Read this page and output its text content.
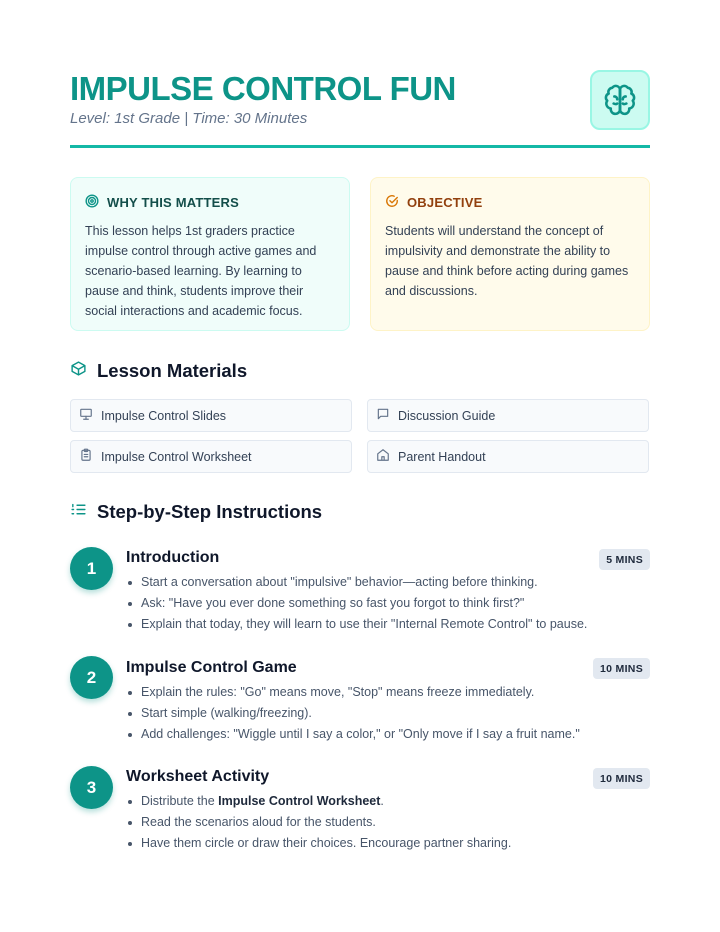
IMPULSE CONTROL FUN
Level: 1st Grade | Time: 30 Minutes
WHY THIS MATTERS
This lesson helps 1st graders practice impulse control through active games and scenario-based learning. By learning to pause and think, students improve their social interactions and academic focus.
OBJECTIVE
Students will understand the concept of impulsivity and demonstrate the ability to pause and think before acting during games and discussions.
Lesson Materials
Impulse Control Slides	Discussion Guide
Impulse Control Worksheet	Parent Handout
Step-by-Step Instructions
1
Introduction	5 MINS
Start a conversation about "impulsive" behavior—acting before thinking.
Ask: "Have you ever done something so fast you forgot to think first?"
Explain that today, they will learn to use their "Internal Remote Control" to pause.
2	Impulse Control Game	10 MINS
Explain the rules: "Go" means move, "Stop" means freeze immediately.
Start simple (walking/freezing).
Add challenges: "Wiggle until I say a color," or "Only move if I say a fruit name."
3
Worksheet Activity	10 MINS
Distribute the Impulse Control Worksheet.
Read the scenarios aloud for the students.
Have them circle or draw their choices. Encourage partner sharing.
